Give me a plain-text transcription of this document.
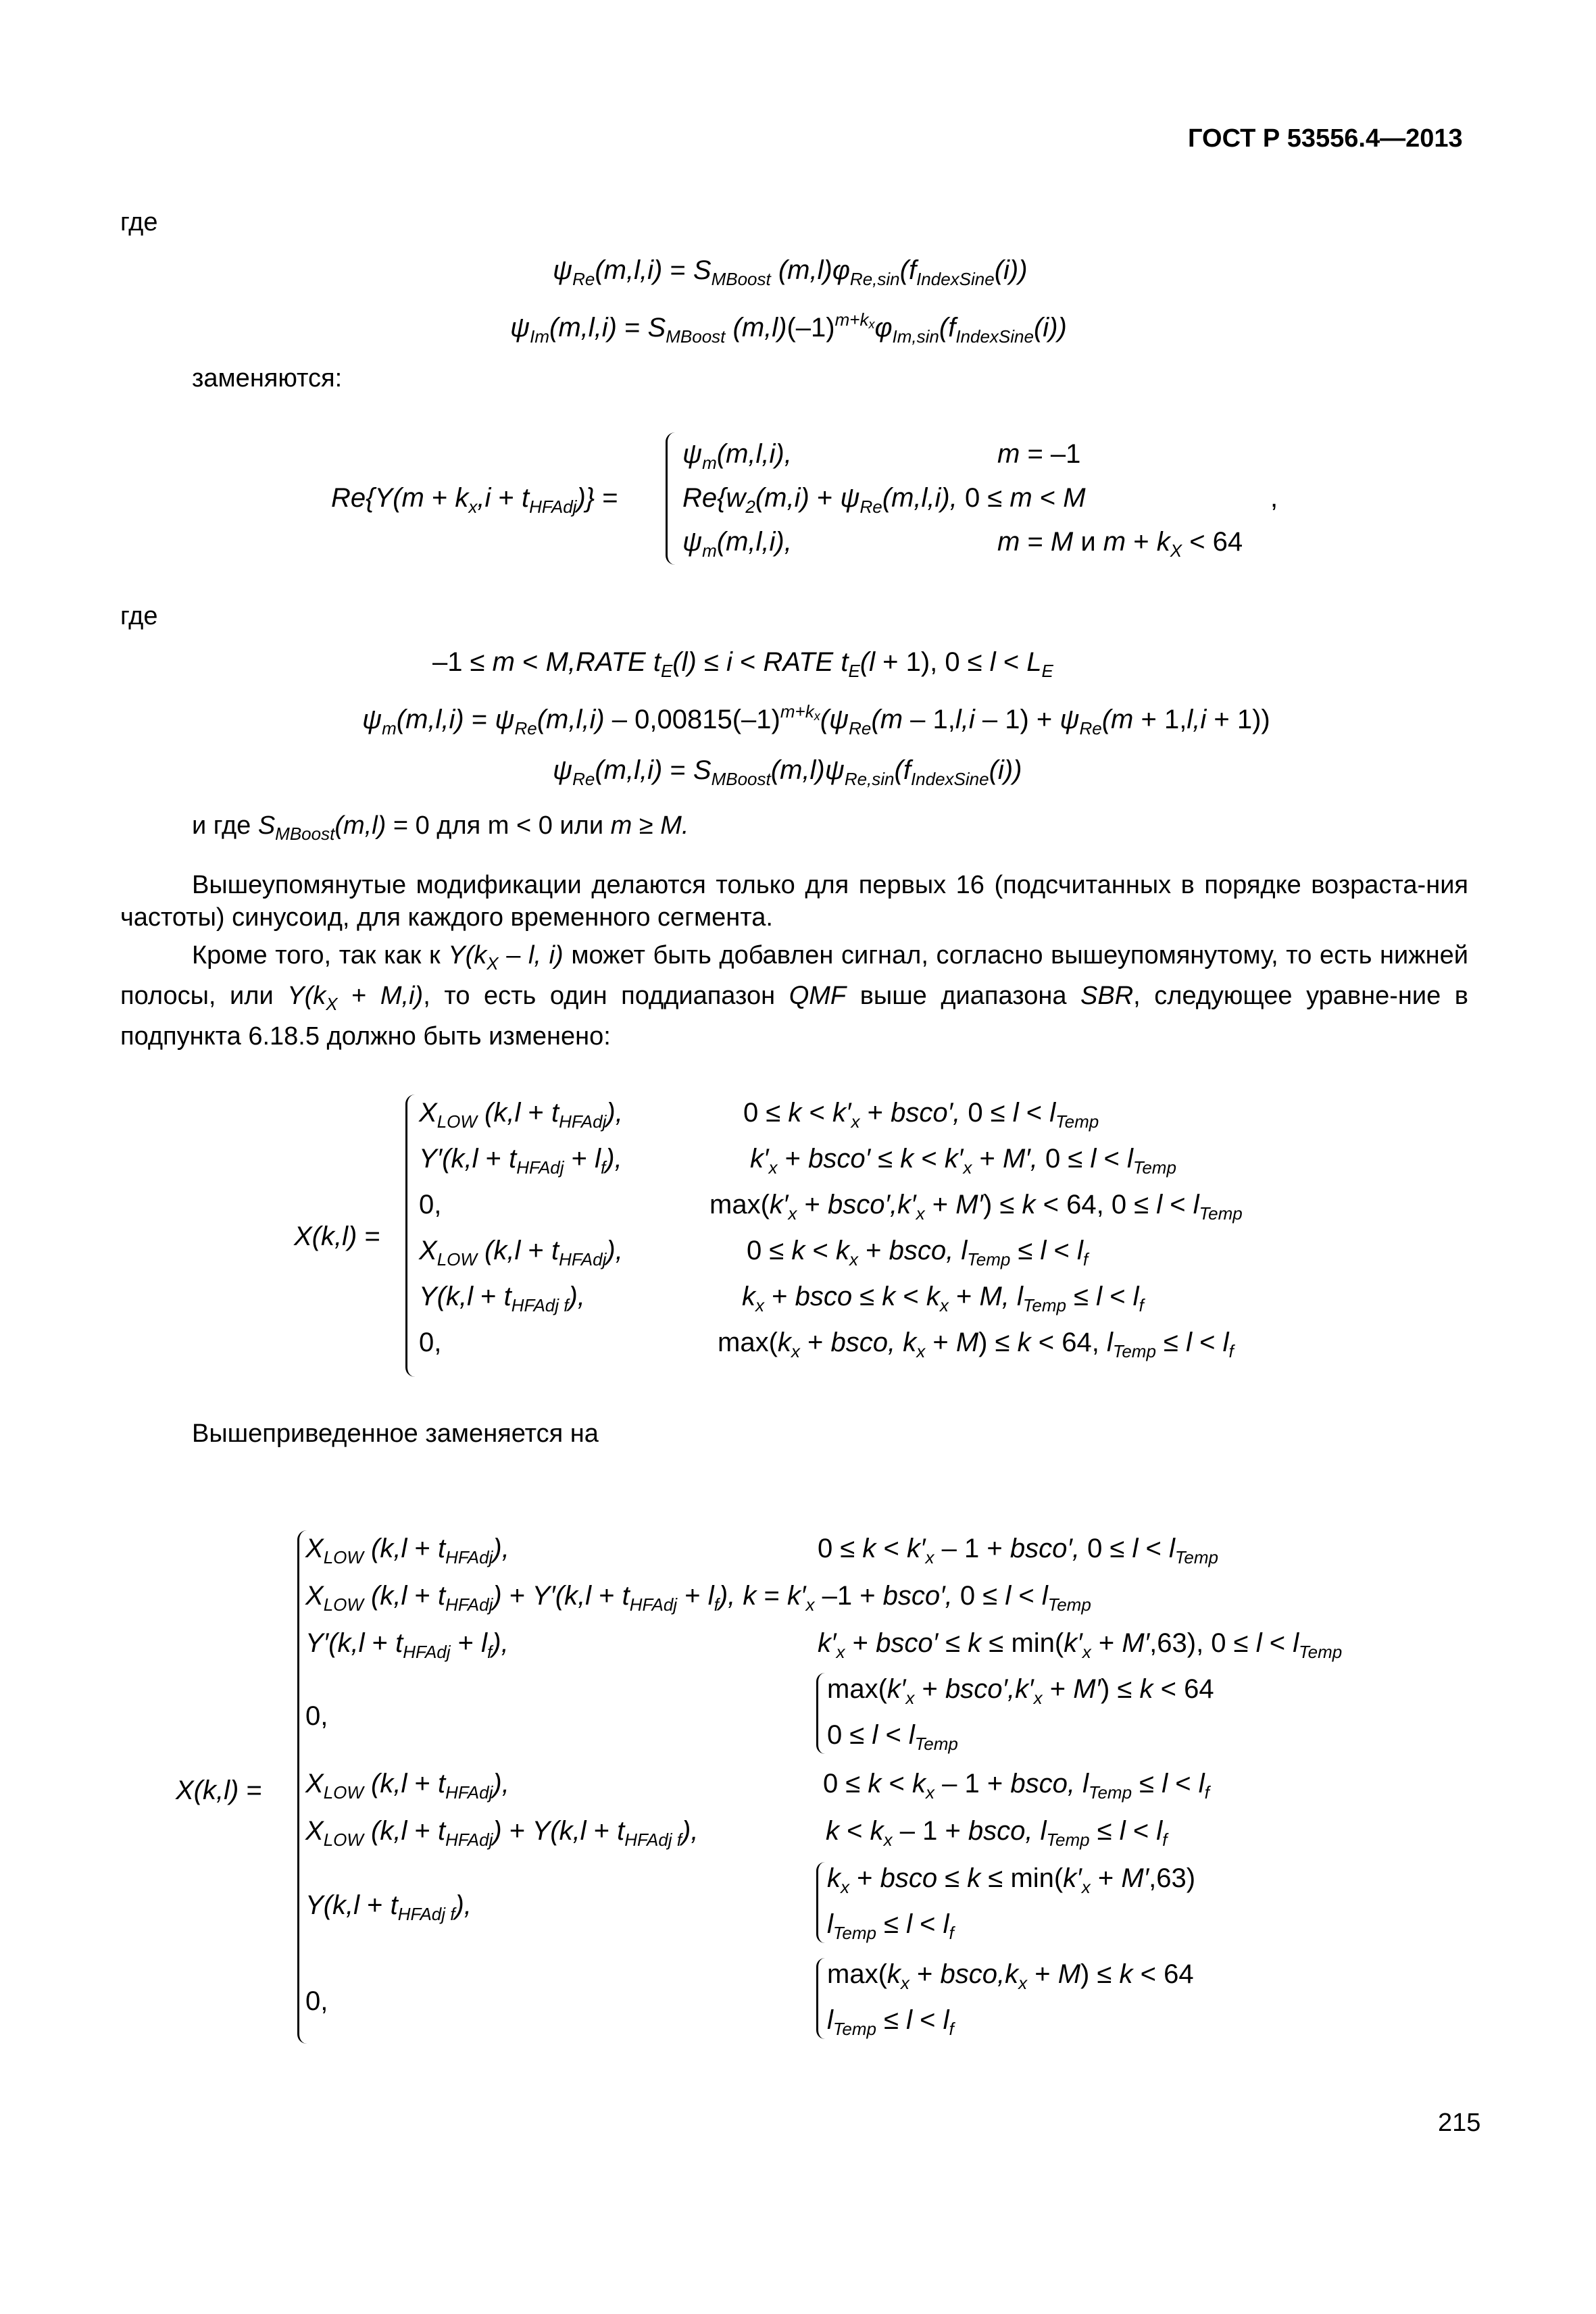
ГОСТ Р 53556.4—2013
где
$\psi_{Re}(m,l,i) = S_{MBoost}$ $(m,l)\varphi_{Re,sin}(f_{IndexSine}(i))$
$\psi_{Im}(m,l,i) = S_{MBoost}$ $(m,l)(-1)^{m+k_x}\varphi_{Im,sin}(f_{IndexSine}(i))$
заменяются:
$Re\{Y(m + k_x,i + t_{HFAdj})\}$ =
$\psi_m(m,l,i)$,	m = –1
$Re\{w_2(m,i) + \psi_{Re}(m,l,i)$, 0 ≤ m < M
$\psi_m(m,l,i)$,	m = M и $m + k_X < 64$
,
где
–1 ≤ m < M,RATE $t_E(l) \le i$ < RATE $t_E(l + 1)$, $0 \le l < L_E$
$\psi_m(m,l,i) = \psi_{Re}(m,l,i) - 0,00815(-1)^{m+k_x}(\psi_{Re}(m - 1,l,i - 1) + \psi_{Re}(m + 1,l,i + 1))$
$\psi_{Re}(m,l,i) = S_{MBoost}(m,l)\psi_{Re,sin}(f_{IndexSine}(i))$
и где $S_{MBoost}(m,l) = 0$ для m < 0 или m ≥ M.
Вышеупомянутые модификации делаются только для первых 16 (подсчитанных в порядке возраста-ния частоты) синусоид, для каждого временного сегмента.
Кроме того, так как к $Y(k_X$ – l, i) может быть добавлен сигнал, согласно вышеупомянутому, то есть нижней полосы, или $Y(k_X + M,i)$, то есть один поддиапазон QMF выше диапазона SBR, следующее уравне-ние в подпункта 6.18.5 должно быть изменено:
X(k,l) =
$X_{LOW}$ $(k,l + t_{HFAdj})$,	$0 \le k < k'_x$ + bsco′, $0 \le l < l_{Temp}$
$Y'(k,l + t_{HFAdj} + l_f)$,	$k'_x$ + bsco′ ≤ $k < k'_x + M'$, $0 \le l < l_{Temp}$
0,	$\max(k'_x$ + $bsco',k'_x + M') \le k < 64$, $0 \le l < l_{Temp}$
$X_{LOW}$ $(k,l + t_{HFAdj})$,	$0 \le k < k_x$ + bsco, $l_{Temp} \le l < l_f$
$Y(k,l + t_{HFAdj f})$,	$k_x$ + bsco ≤ $k < k_x + M$, $l_{Temp} \le l < l_f$
0,	$\max(k_x$ + bsco, $k_x + M) \le k < 64$, $l_{Temp} \le l < l_f$
Вышеприведенное заменяется на
X(k,l) =
$X_{LOW}$ $(k,l + t_{HFAdj})$,	$0 \le k < k'_x - 1$ + bsco′, $0 \le l < l_{Temp}$
$X_{LOW}$ $(k,l + t_{HFAdj}) + Y'(k,l + t_{HFAdj} + l_f)$, $k = k'_x$ –1 + bsco′, $0 \le l < l_{Temp}$
$Y'(k,l + t_{HFAdj} + l_f)$,	$k'_x$ + bsco′ ≤ $k \le \min(k'_x + M',63)$, $0 \le l < l_{Temp}$
0,
$\max(k'_x$ + $bsco',k'_x + M') \le k < 64$
$0 \le l < l_{Temp}$
$X_{LOW}$ $(k,l + t_{HFAdj})$,	$0 \le k < k_x - 1$ + bsco, $l_{Temp} \le l < l_f$
$X_{LOW}$ $(k,l + t_{HFAdj}) + Y(k,l + t_{HFAdj f})$,	$k < k_x - 1$ + bsco, $l_{Temp} \le l < l_f$
$Y(k,l + t_{HFAdj f})$,
$k_x$ + bsco ≤ $k \le \min(k'_x + M',63)$
$l_{Temp} \le l < l_f$
0,
$\max(k_x$ + $bsco,k_x + M) \le k < 64$
$l_{Temp} \le l < l_f$
215
